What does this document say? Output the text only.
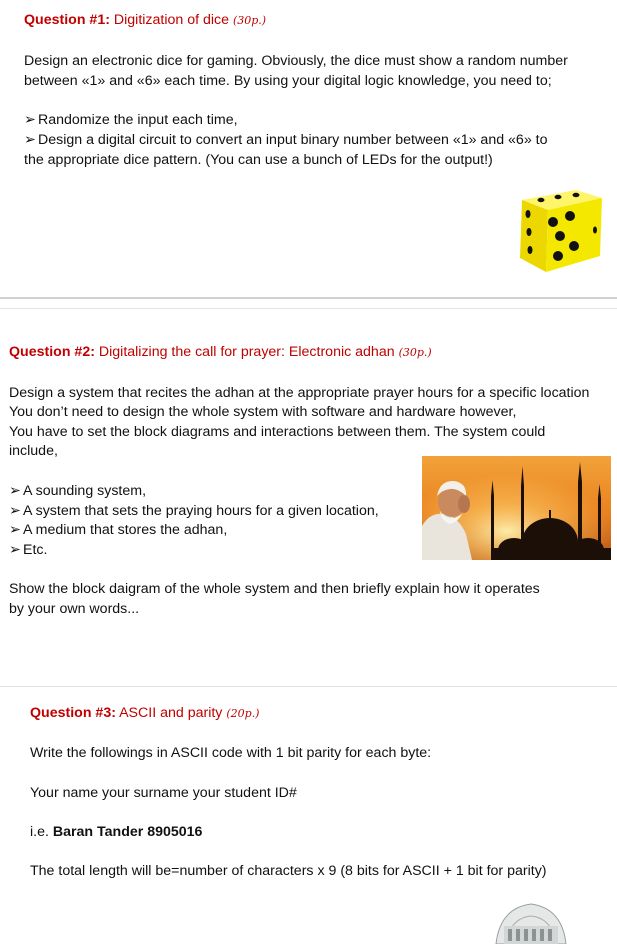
Question #1: Digitization of dice (30p.)
Design an electronic dice for gaming. Obviously, the dice must show a random number
between «1» and «6» each time. By using your digital logic knowledge, you need to;
➢ Randomize the input each time,
➢ Design a digital circuit to convert an input binary number between «1» and «6» to
the appropriate dice pattern. (You can use a bunch of LEDs for the output!)
Question #2: Digitalizing the call for prayer: Electronic adhan (30p.)
Design a system that recites the adhan at the appropriate prayer hours for a specific location
You don’t need to design the whole system with software and hardware however,
You have to set the block diagrams and interactions between them. The system could
include,
➢ A sounding system,
➢ A system that sets the praying hours for a given location,
➢ A medium that stores the adhan,
➢ Etc.
Show the block daigram of the whole system and then briefly explain how it operates
by your own words...
Question #3: ASCII and parity (20p.)
Write the followings in ASCII code with 1 bit parity for each byte:
Your name your surname your student ID#
i.e. Baran Tander 8905016
The total length will be=number of characters x 9 (8 bits for ASCII + 1 bit for parity)
